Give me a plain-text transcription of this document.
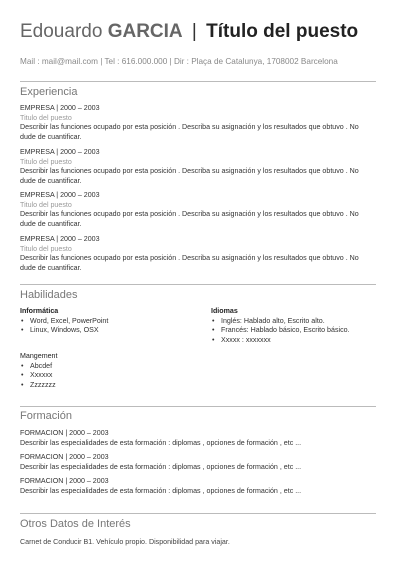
Edouardo GARCIA | Título del puesto
Mail : mail@mail.com | Tel : 616.000.000 | Dir : Plaça de Catalunya, 1708002 Barcelona
Experiencia
EMPRESA | 2000 – 2003
Titulo del puesto
Describir las funciones ocupado por esta posición . Describa su asignación y los resultados que obtuvo . No dude de cuantificar.
EMPRESA | 2000 – 2003
Titulo del puesto
Describir las funciones ocupado por esta posición . Describa su asignación y los resultados que obtuvo . No dude de cuantificar.
EMPRESA | 2000 – 2003
Titulo del puesto
Describir las funciones ocupado por esta posición . Describa su asignación y los resultados que obtuvo . No dude de cuantificar.
EMPRESA | 2000 – 2003
Titulo del puesto
Describir las funciones ocupado por esta posición . Describa su asignación y los resultados que obtuvo . No dude de cuantificar.
Habilidades
Informática
• Word, Excel, PowerPoint
• Linux, Windows, OSX
Idiomas
• Inglés: Hablado alto, Escrito alto.
• Francés: Hablado básico, Escrito básico.
• Xxxxx : xxxxxxx
Mangement
• Abcdef
• Xxxxxx
• Zzzzzzz
Formación
FORMACION | 2000 – 2003
Describir las especialidades de esta formación : diplomas , opciones de formación , etc ...
FORMACION | 2000 – 2003
Describir las especialidades de esta formación : diplomas , opciones de formación , etc ...
FORMACION | 2000 – 2003
Describir las especialidades de esta formación : diplomas , opciones de formación , etc ...
Otros Datos de Interés
Carnet de Conducir B1. Vehículo propio. Disponibilidad para viajar.
